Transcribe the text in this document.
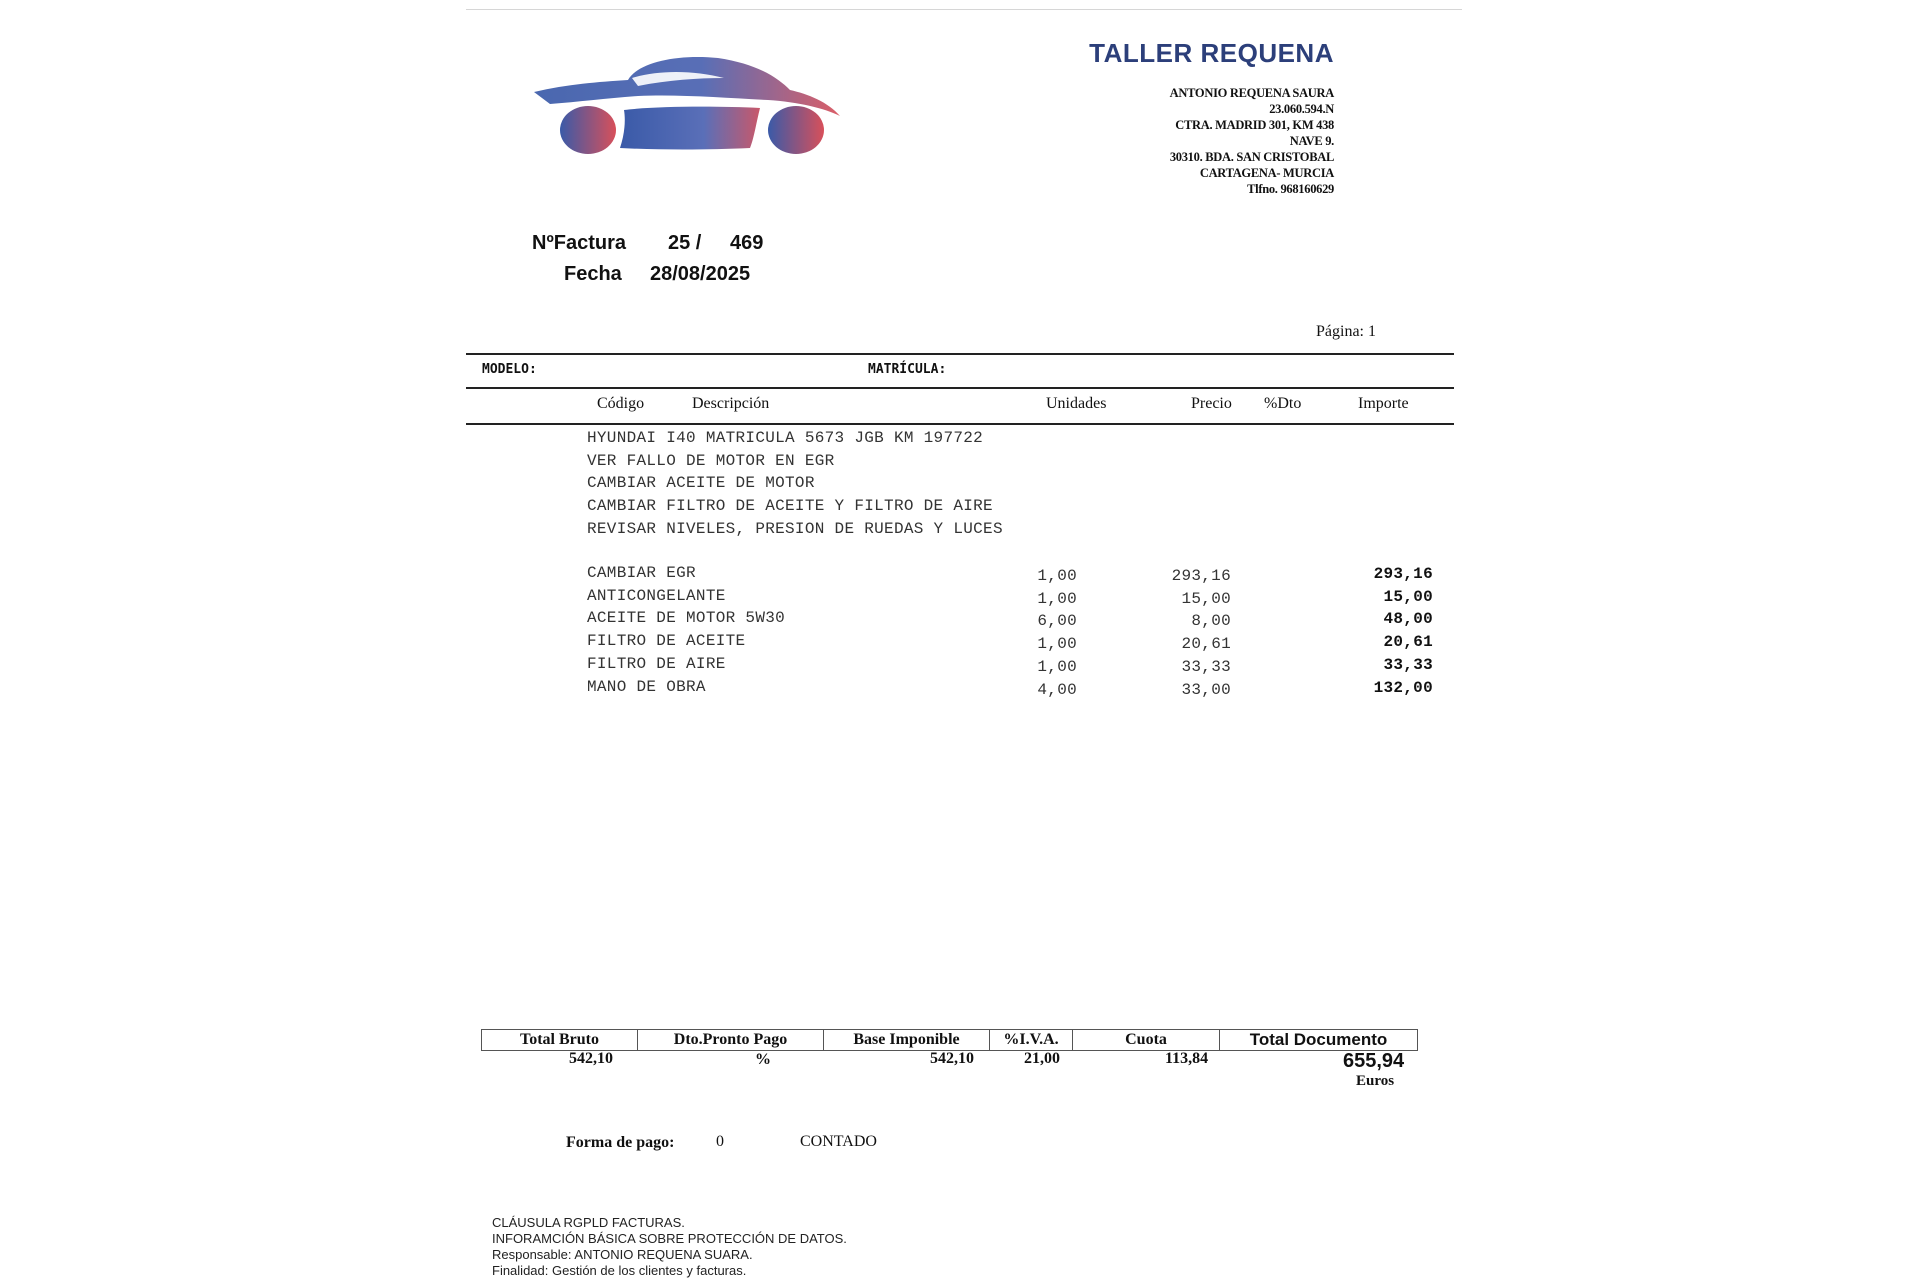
TALLER REQUENA
ANTONIO REQUENA SAURA
23.060.594.N
CTRA. MADRID 301, KM 438
NAVE 9.
30310. BDA. SAN CRISTOBAL
CARTAGENA- MURCIA
Tlfno. 968160629
NºFactura 25 / 469
Fecha 28/08/2025
Página: 1
MODELO:	MATRÍCULA:
Código	Descripción	Unidades	Precio %Dto	Importe
HYUNDAI I40 MATRICULA 5673 JGB KM 197722
VER FALLO DE MOTOR EN EGR
CAMBIAR ACEITE DE MOTOR
CAMBIAR FILTRO DE ACEITE Y FILTRO DE AIRE
REVISAR NIVELES, PRESION DE RUEDAS Y LUCES
CAMBIAR EGR	1,00	293,16	293,16
ANTICONGELANTE	1,00	15,00	15,00
ACEITE DE MOTOR 5W30	6,00	8,00	48,00
FILTRO DE ACEITE	1,00	20,61	20,61
FILTRO DE AIRE	1,00	33,33	33,33
MANO DE OBRA	4,00	33,00	132,00
Total Bruto	Dto.Pronto Pago	Base Imponible	%I.V.A.	Cuota	Total Documento
542,10	%	542,10	21,00	113,84	655,94
Euros
Forma de pago:	0	CONTADO
CLÁUSULA RGPLD FACTURAS.
INFORAMCIÓN BÁSICA SOBRE PROTECCIÓN DE DATOS.
Responsable: ANTONIO REQUENA SUARA.
Finalidad: Gestión de los clientes y facturas.
